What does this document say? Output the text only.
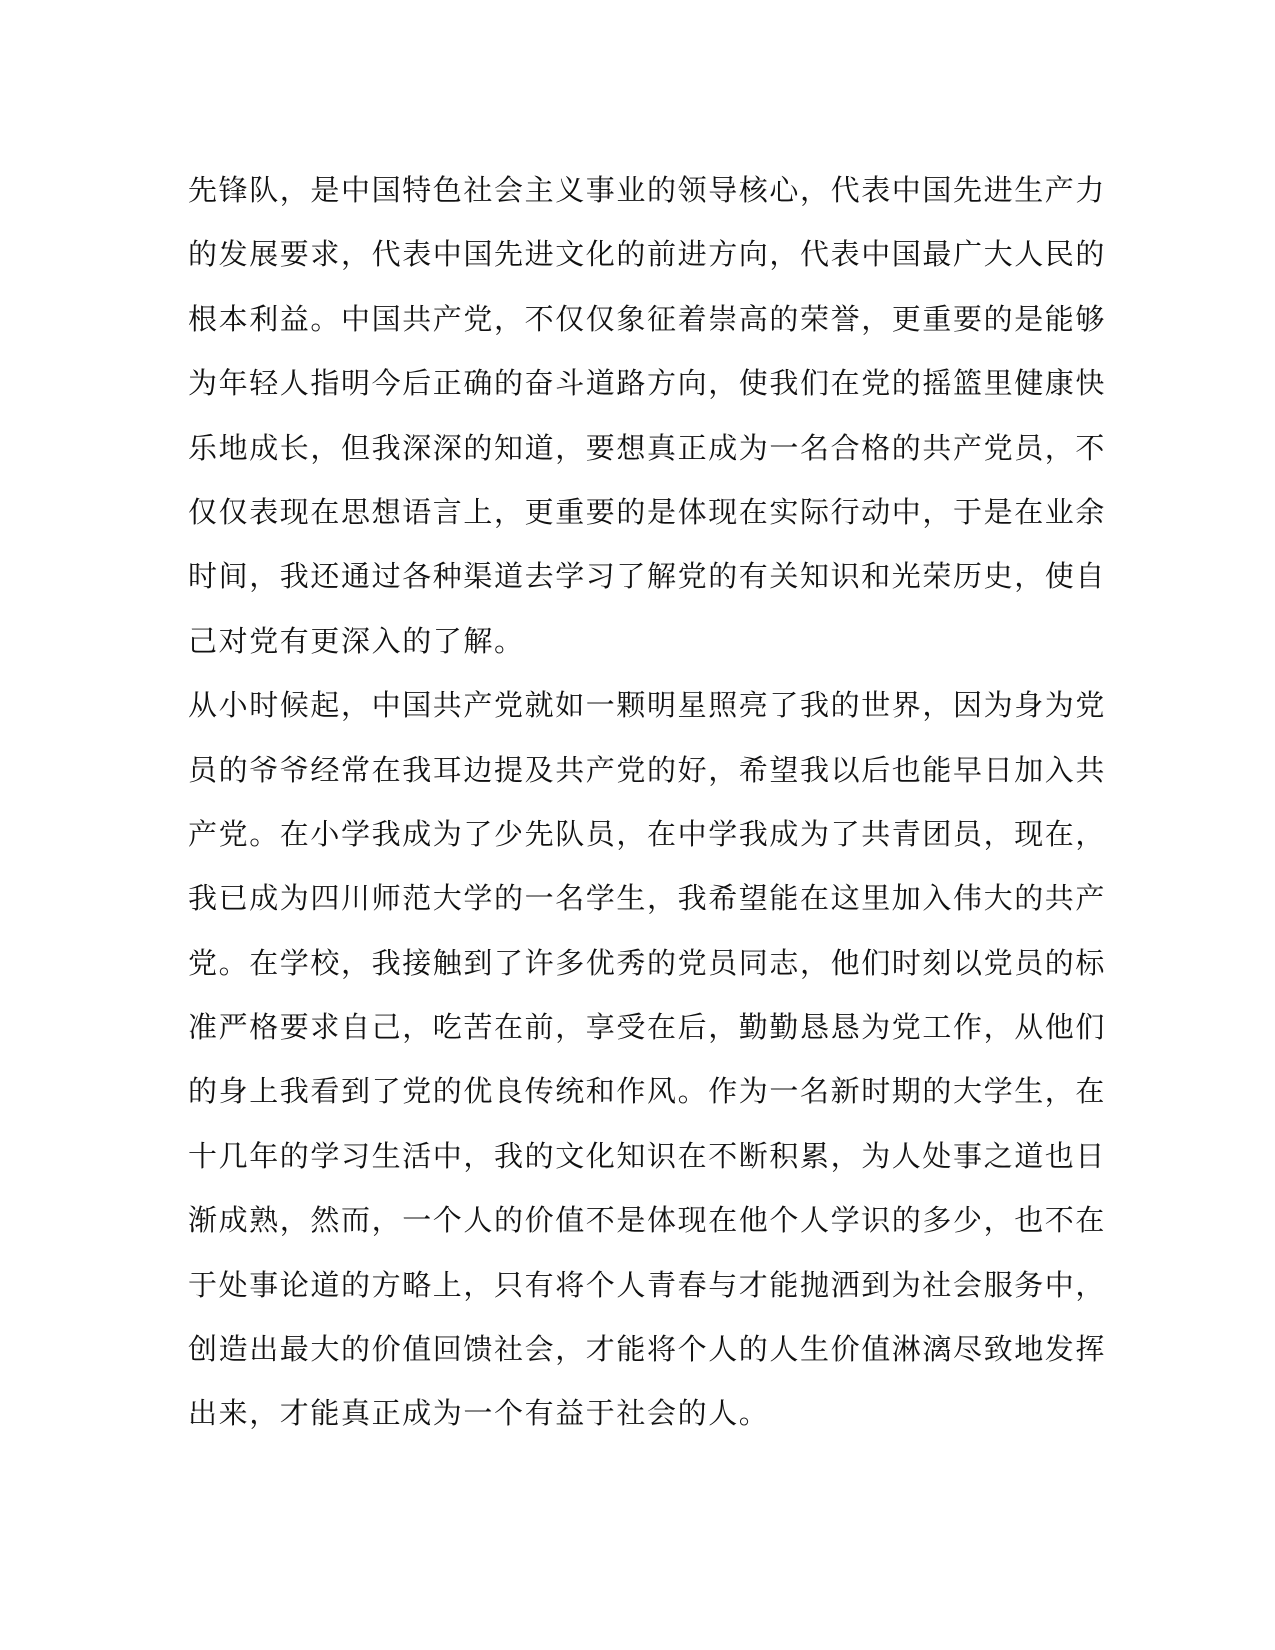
先锋队，是中国特色社会主义事业的领导核心，代表中国先进生产力
的发展要求，代表中国先进文化的前进方向，代表中国最广大人民的
根本利益。中国共产党，不仅仅象征着崇高的荣誉，更重要的是能够
为年轻人指明今后正确的奋斗道路方向，使我们在党的摇篮里健康快
乐地成长，但我深深的知道，要想真正成为一名合格的共产党员，不
仅仅表现在思想语言上，更重要的是体现在实际行动中，于是在业余
时间，我还通过各种渠道去学习了解党的有关知识和光荣历史，使自
己对党有更深入的了解。
从小时候起，中国共产党就如一颗明星照亮了我的世界，因为身为党
员的爷爷经常在我耳边提及共产党的好，希望我以后也能早日加入共
产党。在小学我成为了少先队员，在中学我成为了共青团员，现在，
我已成为四川师范大学的一名学生，我希望能在这里加入伟大的共产
党。在学校，我接触到了许多优秀的党员同志，他们时刻以党员的标
准严格要求自己，吃苦在前，享受在后，勤勤恳恳为党工作，从他们
的身上我看到了党的优良传统和作风。作为一名新时期的大学生，在
十几年的学习生活中，我的文化知识在不断积累，为人处事之道也日
渐成熟，然而，一个人的价值不是体现在他个人学识的多少，也不在
于处事论道的方略上，只有将个人青春与才能抛洒到为社会服务中，
创造出最大的价值回馈社会，才能将个人的人生价值淋漓尽致地发挥
出来，才能真正成为一个有益于社会的人。
